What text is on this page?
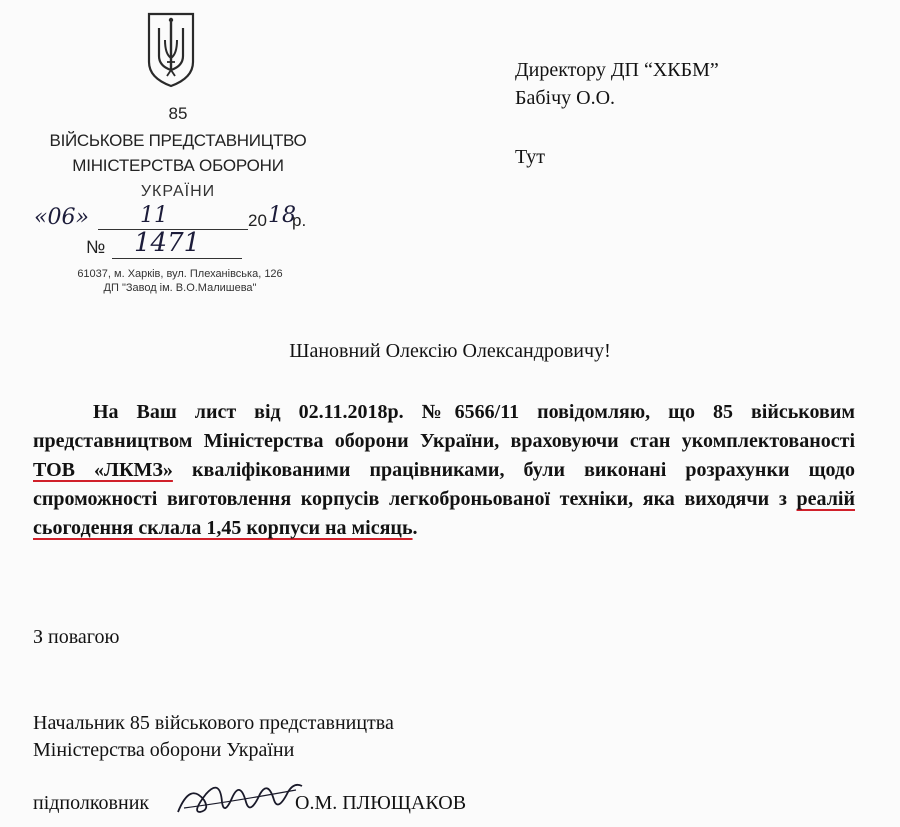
85
ВІЙСЬКОВЕ ПРЕДСТАВНИЦТВО
МІНІСТЕРСТВА ОБОРОНИ
УКРАЇНИ
«06» 11	20 18
р.
№ 1471
61037, м. Харків, вул. Плеханівська, 126
ДП "Завод ім. В.О.Малишева"
Директору ДП “ХКБМ”
Бабічу О.О.
Тут
Шановний Олексію Олександровичу!
На Ваш лист від 02.11.2018р. №6566/11 повідомляю, що 85 військовим представництвом Міністерства оборони України, враховуючи стан укомплектованості ТОВ «ЛКМЗ» кваліфікованими працівниками, були виконані розрахунки щодо спроможності виготовлення корпусів легкоброньованої техніки, яка виходячи з реалій сьогодення склала 1,45 корпуси на місяць.
З повагою
Начальник 85 військового представництва
Міністерства оборони України
підполковник	О.М. ПЛЮЩАКОВ
